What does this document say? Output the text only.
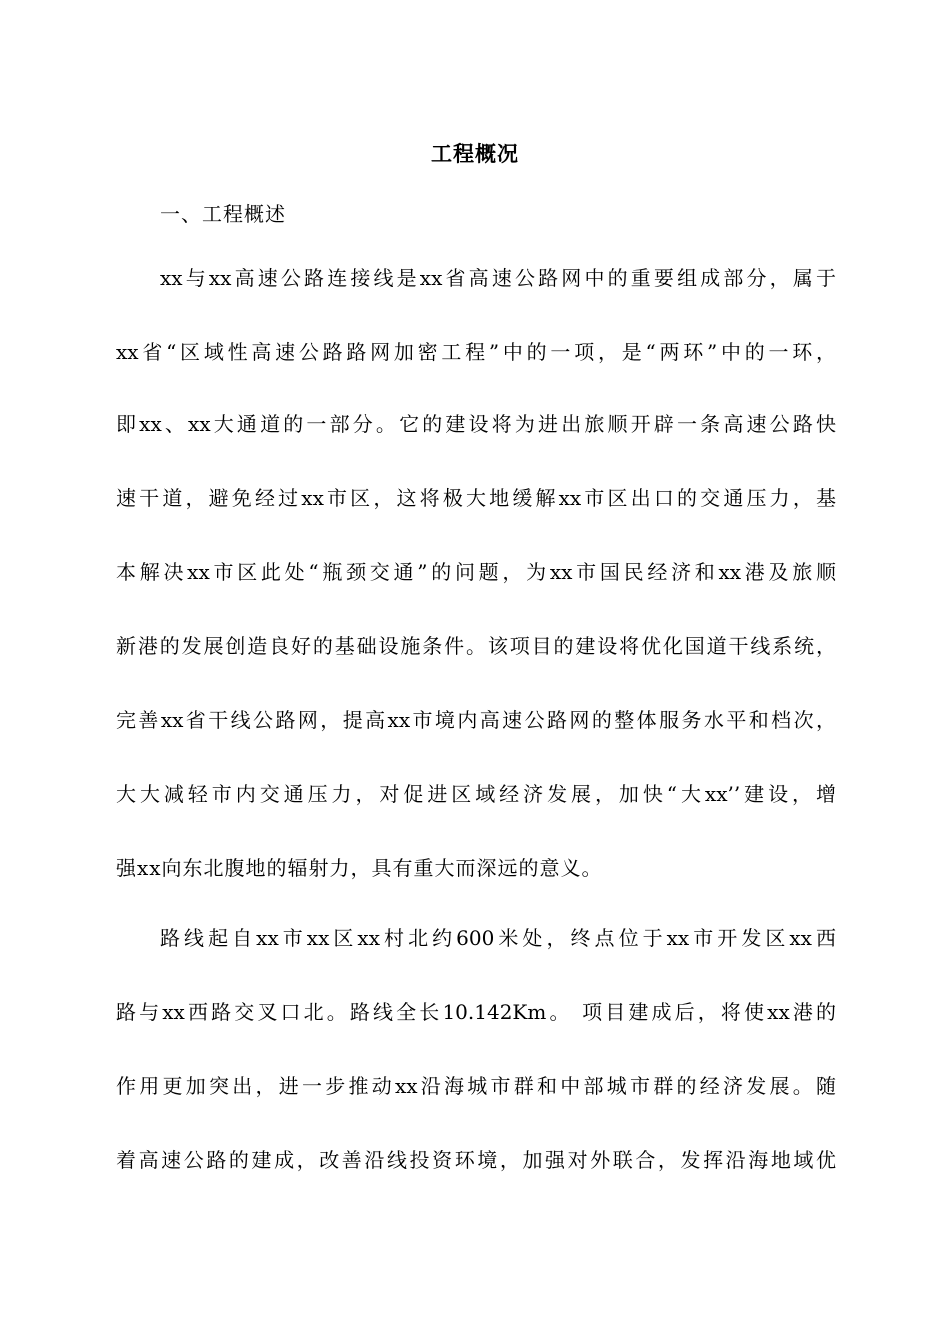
工程概况
一、工程概述
xx与xx高速公路连接线是xx省高速公路网中的重要组成部分，属于
xx省“区域性高速公路路网加密工程”中的一项，是“两环”中的一环，
即xx、xx大通道的一部分。它的建设将为进出旅顺开辟一条高速公路快
速干道，避免经过xx市区，这将极大地缓解xx市区出口的交通压力，基
本解决xx市区此处“瓶颈交通”的问题，为xx市国民经济和xx港及旅顺
新港的发展创造良好的基础设施条件。该项目的建设将优化国道干线系统，
完善xx省干线公路网，提高xx市境内高速公路网的整体服务水平和档次，
大大减轻市内交通压力，对促进区域经济发展，加快“大xx’’建设，增
强xx向东北腹地的辐射力，具有重大而深远的意义。
路线起自xx市xx区xx村北约600米处，终点位于xx市开发区xx西
路与xx西路交叉口北。路线全长10.142Km。 项目建成后，将使xx港的
作用更加突出，进一步推动xx沿海城市群和中部城市群的经济发展。随
着高速公路的建成，改善沿线投资环境，加强对外联合，发挥沿海地域优
